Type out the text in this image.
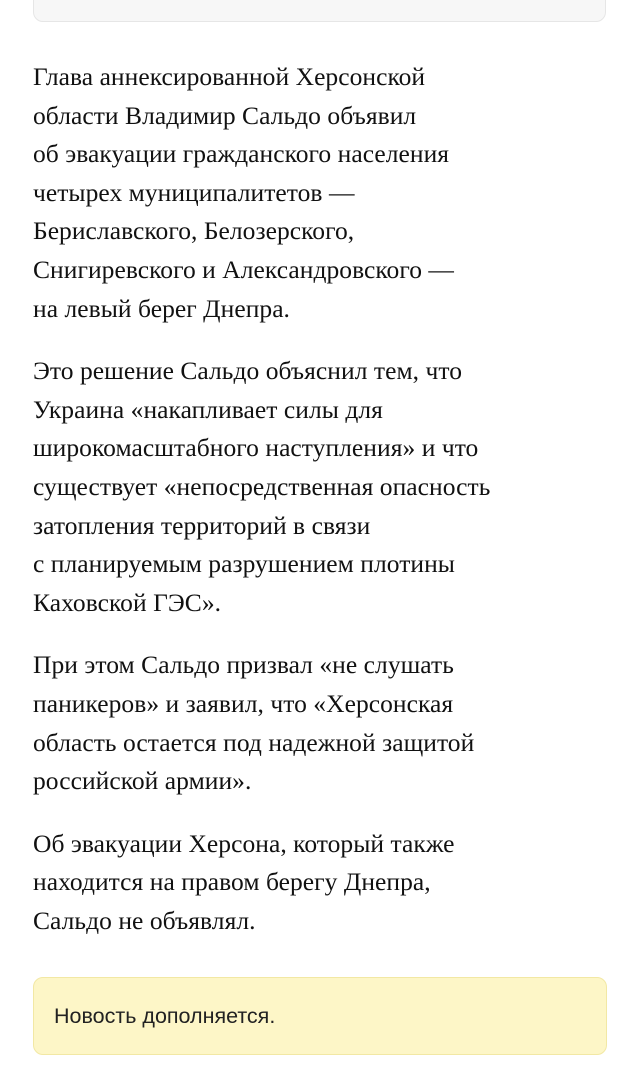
Глава аннексированной Херсонской
области Владимир Сальдо объявил
об эвакуации гражданского населения
четырех муниципалитетов —
Бериславского, Белозерского,
Снигиревского и Александровского —
на левый берег Днепра.

Это решение Сальдо объяснил тем, что
Украина «накапливает силы для
широкомасштабного наступления» и что
существует «непосредственная опасность
затопления территорий в связи
с планируемым разрушением плотины
Каховской ГЭС».

При этом Сальдо призвал «не слушать
паникеров» и заявил, что «Херсонская
область остается под надежной защитой
российской армии».

Об эвакуации Херсона, который также
находится на правом берегу Днепра,
Сальдо не объявлял.

Новость дополняется.
